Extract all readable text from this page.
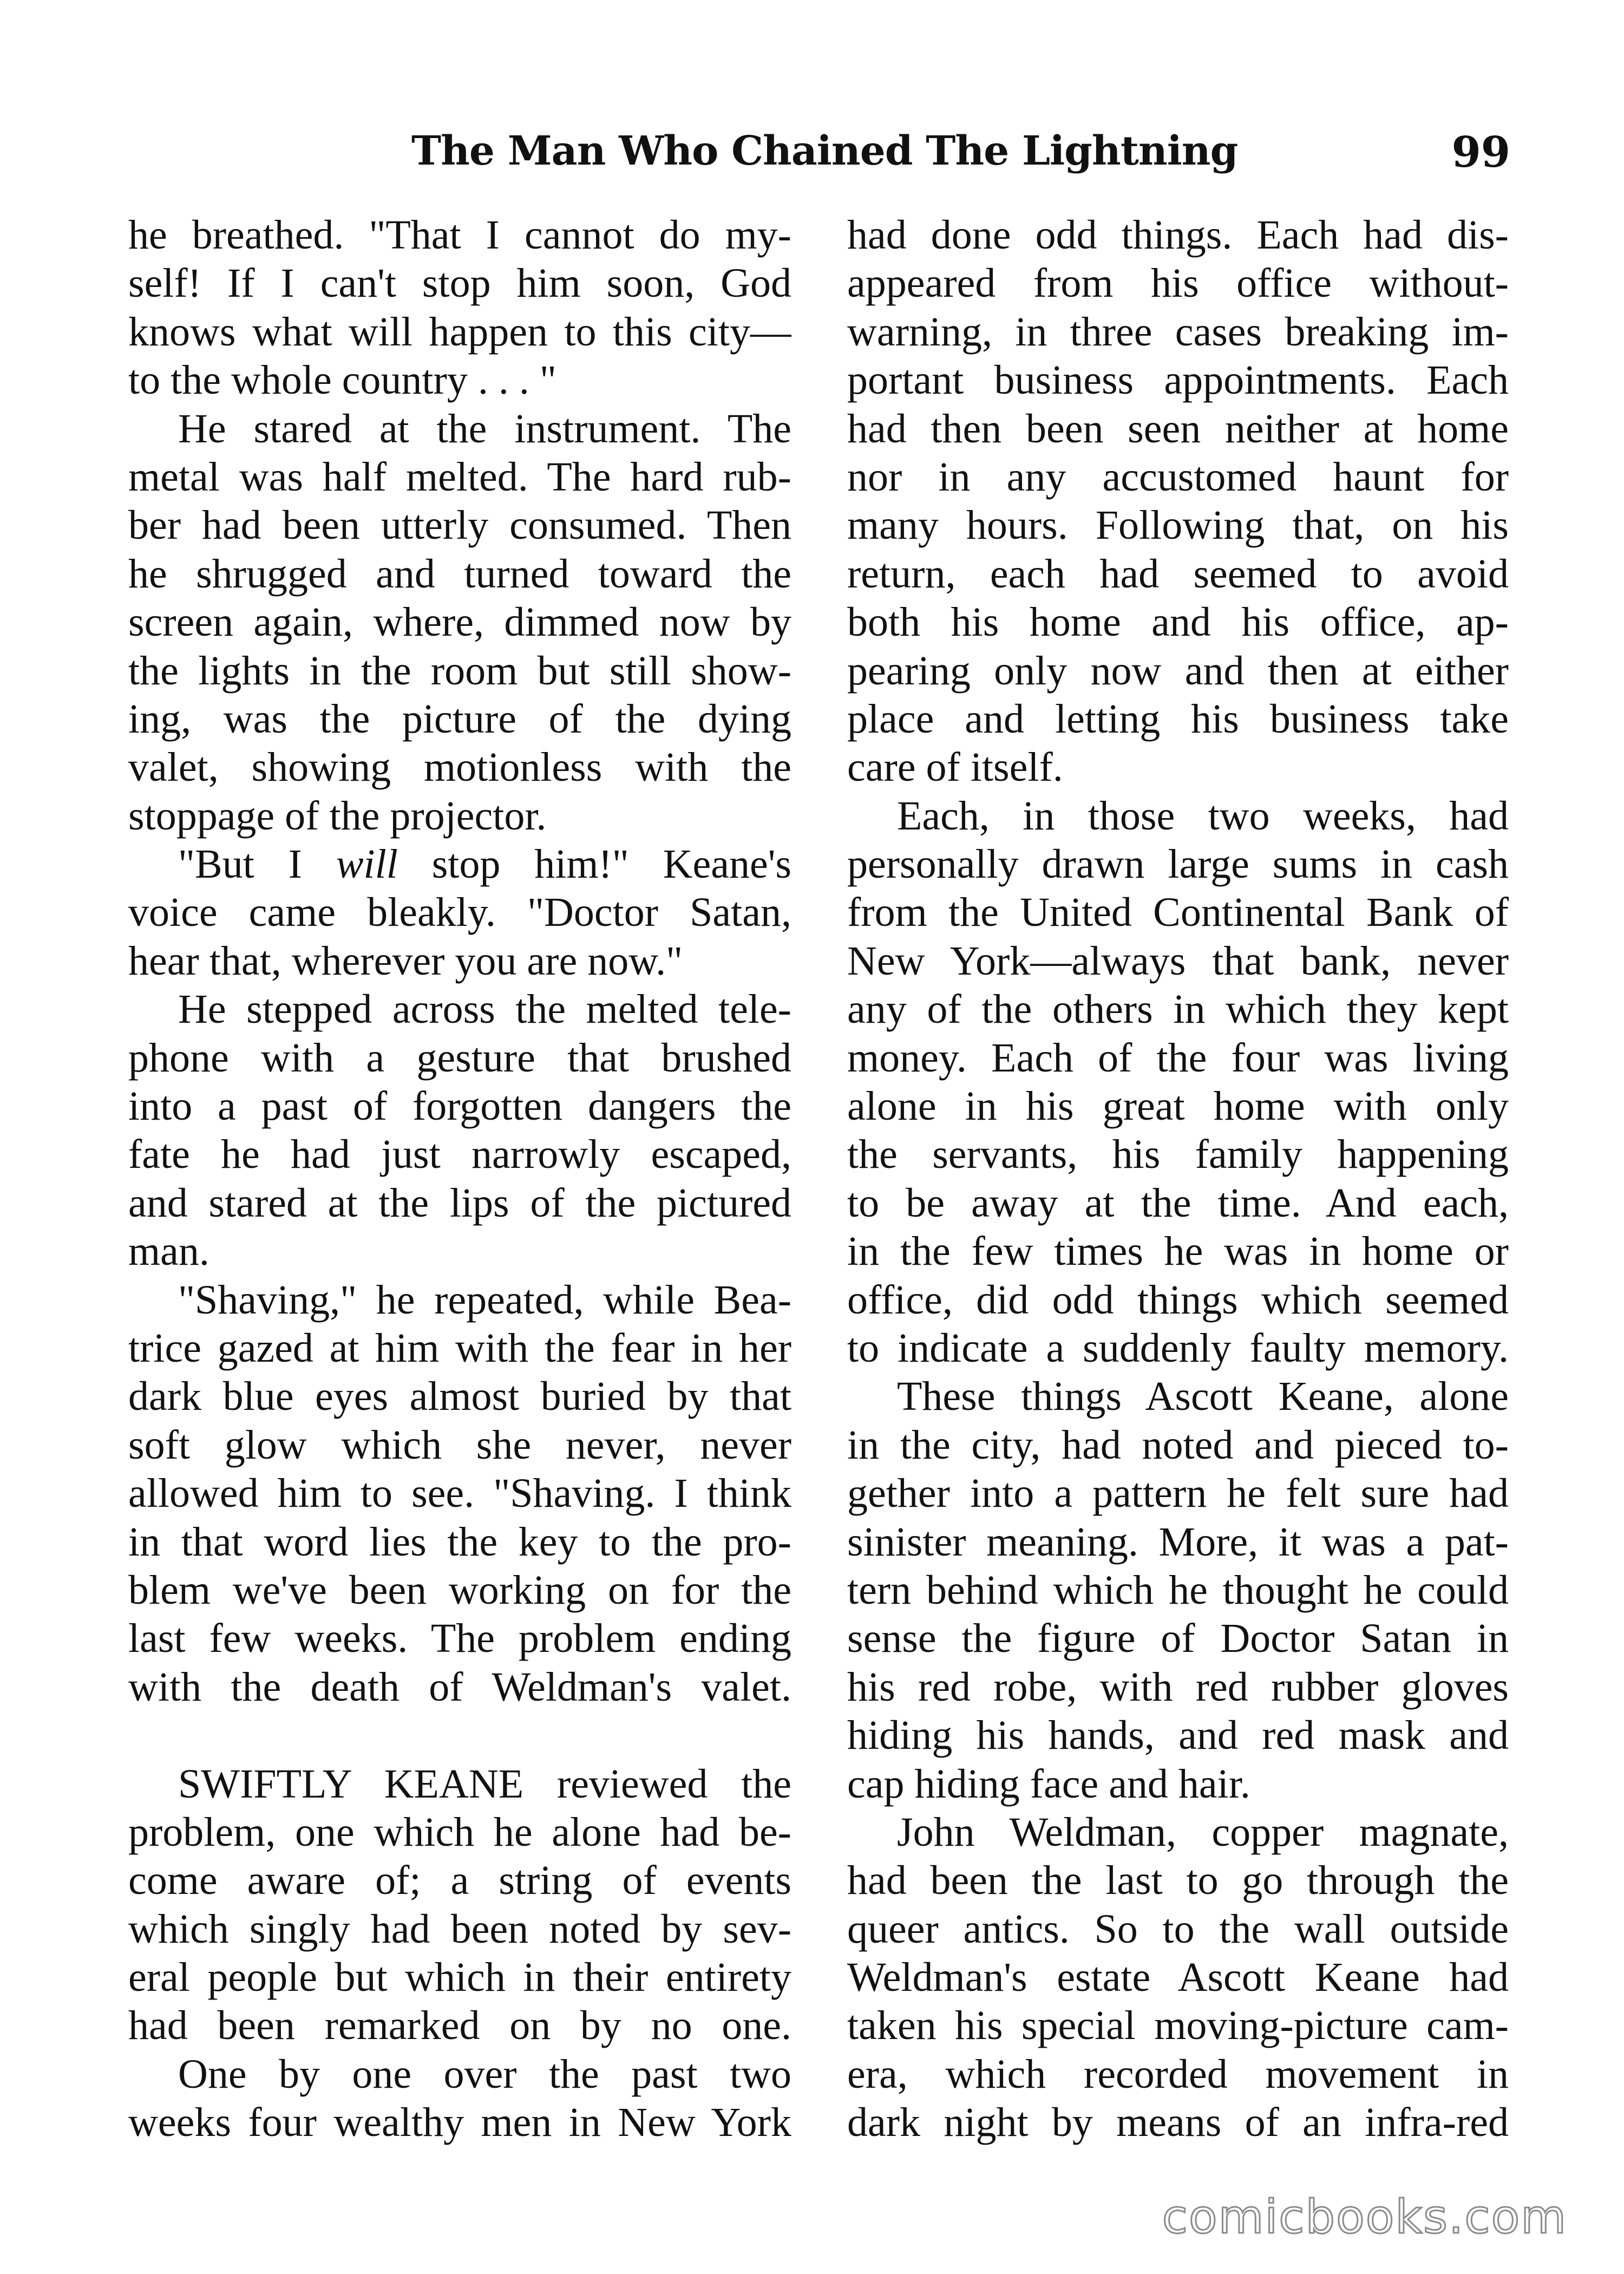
The Man Who Chained The Lightning	99
he breathed. "That I cannot do my-
self! If I can't stop him soon, God
knows what will happen to this city—
to the whole country . . . "
He stared at the instrument. The
metal was half melted. The hard rub-
ber had been utterly consumed. Then
he shrugged and turned toward the
screen again, where, dimmed now by
the lights in the room but still show-
ing, was the picture of the dying
valet, showing motionless with the
stoppage of the projector.
"But I will stop him!" Keane's
voice came bleakly. "Doctor Satan,
hear that, wherever you are now."
He stepped across the melted tele-
phone with a gesture that brushed
into a past of forgotten dangers the
fate he had just narrowly escaped,
and stared at the lips of the pictured
man.
"Shaving," he repeated, while Bea-
trice gazed at him with the fear in her
dark blue eyes almost buried by that
soft glow which she never, never
allowed him to see. "Shaving. I think
in that word lies the key to the pro-
blem we've been working on for the
last few weeks. The problem ending
with the death of Weldman's valet.
SWIFTLY KEANE reviewed the
problem, one which he alone had be-
come aware of; a string of events
which singly had been noted by sev-
eral people but which in their entirety
had been remarked on by no one.
One by one over the past two
weeks four wealthy men in New York
had done odd things. Each had dis-
appeared from his office without-
warning, in three cases breaking im-
portant business appointments. Each
had then been seen neither at home
nor in any accustomed haunt for
many hours. Following that, on his
return, each had seemed to avoid
both his home and his office, ap-
pearing only now and then at either
place and letting his business take
care of itself.
Each, in those two weeks, had
personally drawn large sums in cash
from the United Continental Bank of
New York—always that bank, never
any of the others in which they kept
money. Each of the four was living
alone in his great home with only
the servants, his family happening
to be away at the time. And each,
in the few times he was in home or
office, did odd things which seemed
to indicate a suddenly faulty memory.
These things Ascott Keane, alone
in the city, had noted and pieced to-
gether into a pattern he felt sure had
sinister meaning. More, it was a pat-
tern behind which he thought he could
sense the figure of Doctor Satan in
his red robe, with red rubber gloves
hiding his hands, and red mask and
cap hiding face and hair.
John Weldman, copper magnate,
had been the last to go through the
queer antics. So to the wall outside
Weldman's estate Ascott Keane had
taken his special moving-picture cam-
era, which recorded movement in
dark night by means of an infra-red
comicbooks.com
